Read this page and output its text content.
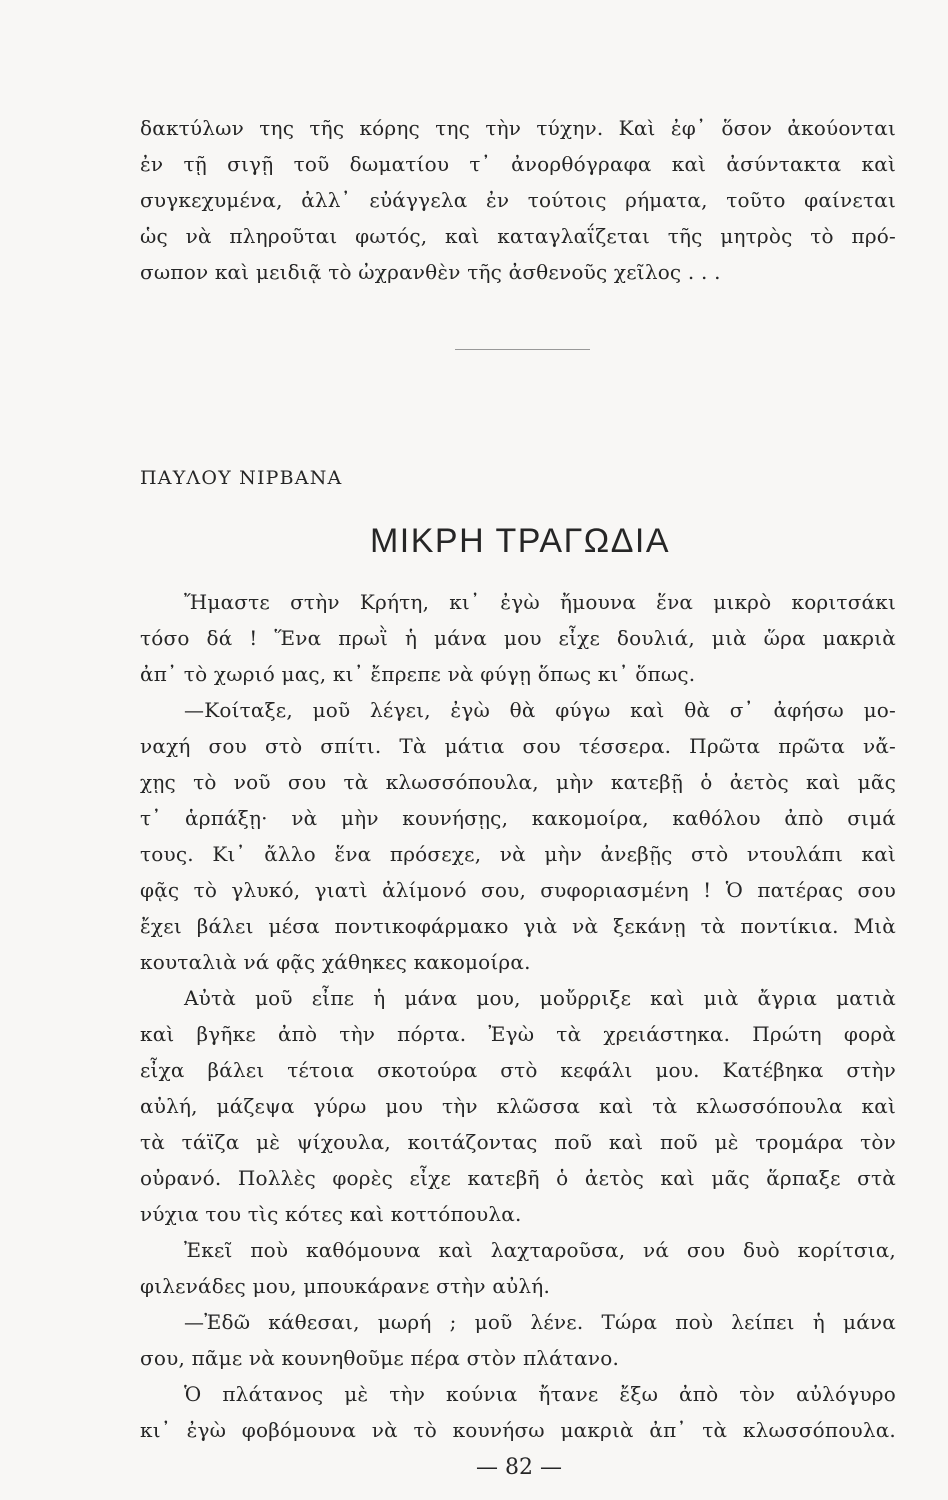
δακτύλων της τῆς κόρης της τὴν τύχην. Καὶ ἐφ᾽ ὅσον ἀκούονται
ἐν τῇ σιγῇ τοῦ δωματίου τ᾽ ἀνορθόγραφα καὶ ἀσύντακτα καὶ
συγκεχυμένα, ἀλλ᾽ εὐάγγελα ἐν τούτοις ρήματα, τοῦτο φαίνεται
ὡς νὰ πληροῦται φωτός, καὶ καταγλαΐζεται τῆς μητρὸς τὸ πρό-
σωπον καὶ μειδιᾷ τὸ ὠχρανθὲν τῆς ἀσθενοῦς χεῖλος . . .
ΠΑΥΛΟΥ ΝΙΡΒΑΝΑ
ΜΙΚΡΗ ΤΡΑΓΩΔΙΑ
Ἤμαστε στὴν Κρήτη, κι᾽ ἐγὼ ἤμουνα ἕνα μικρὸ κοριτσάκι
τόσο δά ! Ἕνα πρωῒ ἡ μάνα μου εἶχε δουλιά, μιὰ ὥρα μακριὰ
ἀπ᾽ τὸ χωριό μας, κι᾽ ἔπρεπε νὰ φύγῃ ὅπως κι᾽ ὅπως.
—Κοίταξε, μοῦ λέγει, ἐγὼ θὰ φύγω καὶ θὰ σ᾽ ἀφήσω μο-
ναχή σου στὸ σπίτι. Τὰ μάτια σου τέσσερα. Πρῶτα πρῶτα νἄ-
χῃς τὸ νοῦ σου τὰ κλωσσόπουλα, μὴν κατεβῇ ὁ ἀετὸς καὶ μᾶς
τ᾽ ἁρπάξῃ· νὰ μὴν κουνήσῃς, κακομοίρα, καθόλου ἀπὸ σιμά
τους. Κι᾽ ἄλλο ἕνα πρόσεχε, νὰ μὴν ἀνεβῇς στὸ ντουλάπι καὶ
φᾷς τὸ γλυκό, γιατὶ ἀλίμονό σου, συφοριασμένη ! Ὁ πατέρας σου
ἔχει βάλει μέσα ποντικοφάρμακο γιὰ νὰ ξεκάνῃ τὰ ποντίκια. Μιὰ
κουταλιὰ νά φᾷς χάθηκες κακομοίρα.
Αὐτὰ μοῦ εἶπε ἡ μάνα μου, μοὔρριξε καὶ μιὰ ἄγρια ματιὰ
καὶ βγῆκε ἀπὸ τὴν πόρτα. Ἐγὼ τὰ χρειάστηκα. Πρώτη φορὰ
εἶχα βάλει τέτοια σκοτούρα στὸ κεφάλι μου. Κατέβηκα στὴν
αὐλή, μάζεψα γύρω μου τὴν κλῶσσα καὶ τὰ κλωσσόπουλα καὶ
τὰ τάϊζα μὲ ψίχουλα, κοιτάζοντας ποῦ καὶ ποῦ μὲ τρομάρα τὸν
οὐρανό. Πολλὲς φορὲς εἶχε κατεβῆ ὁ ἀετὸς καὶ μᾶς ἅρπαξε στὰ
νύχια του τὶς κότες καὶ κοττόπουλα.
Ἐκεῖ ποὺ καθόμουνα καὶ λαχταροῦσα, νά σου δυὸ κορίτσια,
φιλενάδες μου, μπουκάρανε στὴν αὐλή.
—Ἐδῶ κάθεσαι, μωρή ; μοῦ λένε. Τώρα ποὺ λείπει ἡ μάνα
σου, πᾶμε νὰ κουνηθοῦμε πέρα στὸν πλάτανο.
Ὁ πλάτανος μὲ τὴν κούνια ἤτανε ἔξω ἀπὸ τὸν αὐλόγυρο
κι᾽ ἐγὼ φοβόμουνα νὰ τὸ κουνήσω μακριὰ ἀπ᾽ τὰ κλωσσόπουλα.
— 82 —
